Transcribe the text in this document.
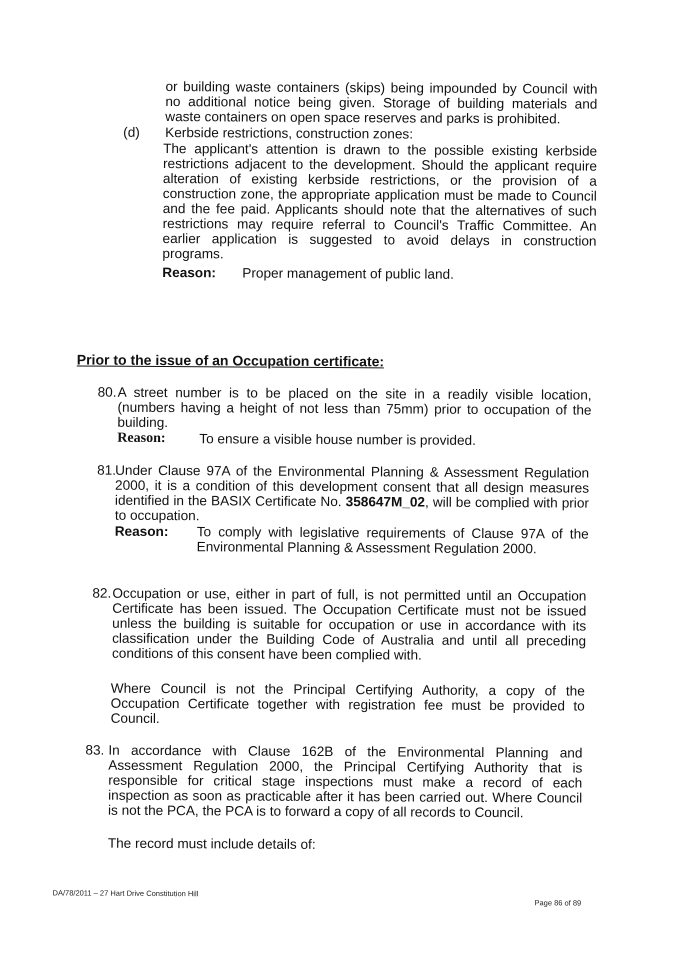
or building waste containers (skips) being impounded by Council with no additional notice being given. Storage of building materials and waste containers on open space reserves and parks is prohibited.

(d) Kerbside restrictions, construction zones:

The applicant's attention is drawn to the possible existing kerbside restrictions adjacent to the development. Should the applicant require alteration of existing kerbside restrictions, or the provision of a construction zone, the appropriate application must be made to Council and the fee paid. Applicants should note that the alternatives of such restrictions may require referral to Council's Traffic Committee. An earlier application is suggested to avoid delays in construction programs.

Reason: Proper management of public land.
Prior to the issue of an Occupation certificate:
80. A street number is to be placed on the site in a readily visible location, (numbers having a height of not less than 75mm) prior to occupation of the building.

Reason: To ensure a visible house number is provided.
81. Under Clause 97A of the Environmental Planning & Assessment Regulation 2000, it is a condition of this development consent that all design measures identified in the BASIX Certificate No. 358647M_02, will be complied with prior to occupation.

Reason: To comply with legislative requirements of Clause 97A of the Environmental Planning & Assessment Regulation 2000.
82. Occupation or use, either in part of full, is not permitted until an Occupation Certificate has been issued. The Occupation Certificate must not be issued unless the building is suitable for occupation or use in accordance with its classification under the Building Code of Australia and until all preceding conditions of this consent have been complied with.

Where Council is not the Principal Certifying Authority, a copy of the Occupation Certificate together with registration fee must be provided to Council.

83. In accordance with Clause 162B of the Environmental Planning and Assessment Regulation 2000, the Principal Certifying Authority that is responsible for critical stage inspections must make a record of each inspection as soon as practicable after it has been carried out. Where Council is not the PCA, the PCA is to forward a copy of all records to Council.

The record must include details of:

DA/78/2011 – 27 Hart Drive Constitution Hill
Page 86 of 89
